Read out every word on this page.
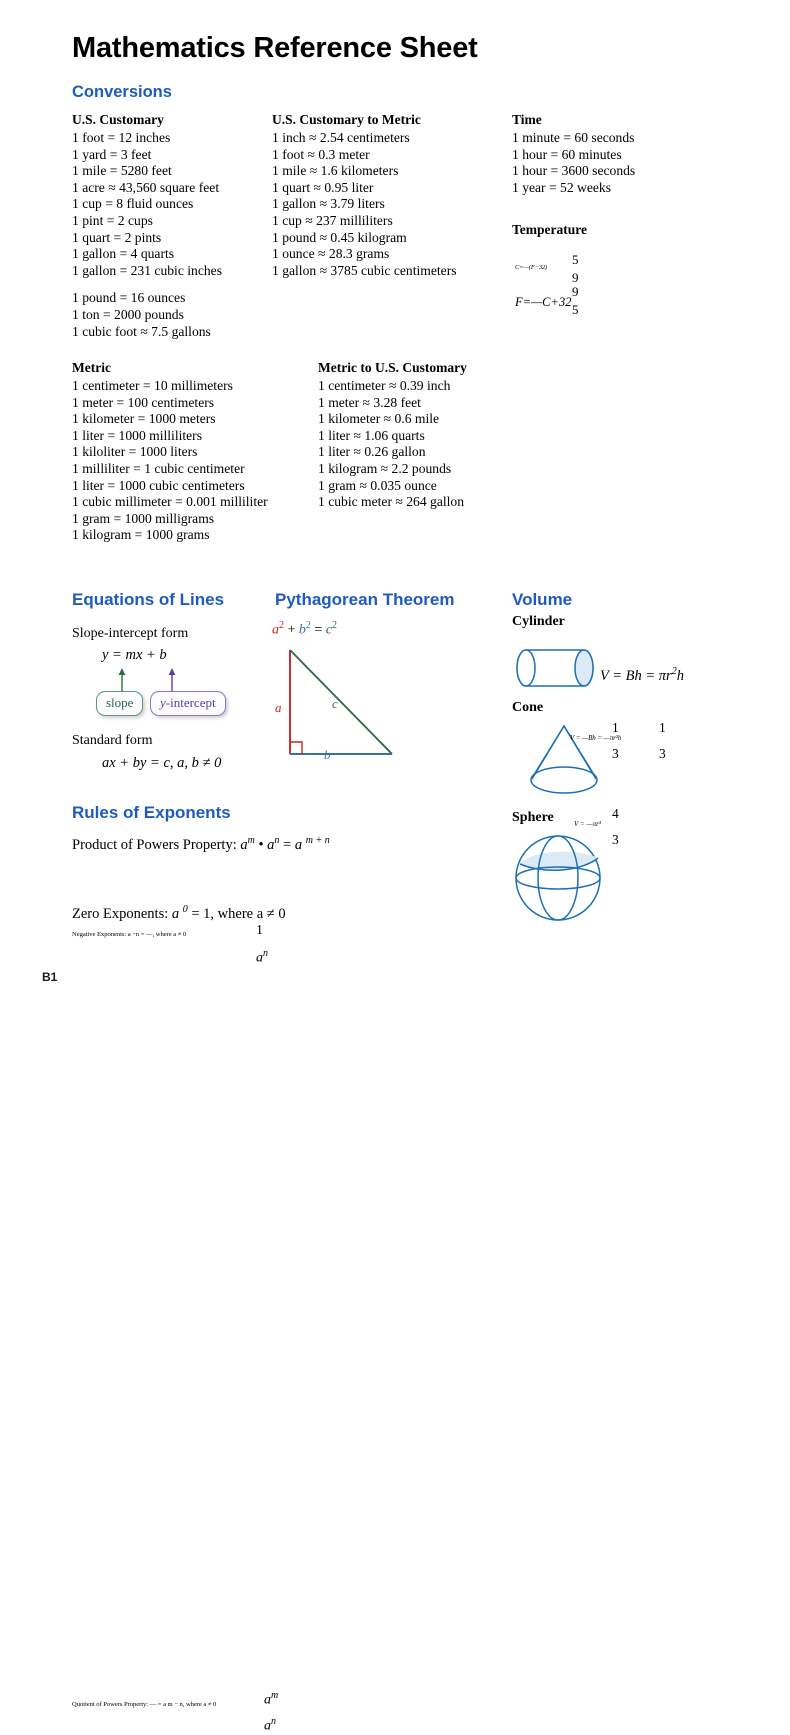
Mathematics Reference Sheet
Conversions
U.S. Customary
1 foot = 12 inches
1 yard = 3 feet
1 mile = 5280 feet
1 acre ≈ 43,560 square feet
1 cup = 8 fluid ounces
1 pint = 2 cups
1 quart = 2 pints
1 gallon = 4 quarts
1 gallon = 231 cubic inches
1 pound = 16 ounces
1 ton = 2000 pounds
1 cubic foot ≈ 7.5 gallons
U.S. Customary to Metric
1 inch ≈ 2.54 centimeters
1 foot ≈ 0.3 meter
1 mile ≈ 1.6 kilometers
1 quart ≈ 0.95 liter
1 gallon ≈ 3.79 liters
1 cup ≈ 237 milliliters
1 pound ≈ 0.45 kilogram
1 ounce ≈ 28.3 grams
1 gallon ≈ 3785 cubic centimeters
Time
1 minute = 60 seconds
1 hour = 60 minutes
1 hour = 3600 seconds
1 year = 52 weeks
Temperature
5
C=—(F−32)
9
9
F=—C+32 5
Metric
1 centimeter = 10 millimeters
1 meter = 100 centimeters
1 kilometer = 1000 meters
1 liter = 1000 milliliters
1 kiloliter = 1000 liters
1 milliliter = 1 cubic centimeter
1 liter = 1000 cubic centimeters
1 cubic millimeter = 0.001 milliliter
1 gram = 1000 milligrams
1 kilogram = 1000 grams
Metric to U.S. Customary
1 centimeter ≈ 0.39 inch
1 meter ≈ 3.28 feet
1 kilometer ≈ 0.6 mile
1 liter ≈ 1.06 quarts
1 liter ≈ 0.26 gallon
1 kilogram ≈ 2.2 pounds
1 gram ≈ 0.035 ounce
1 cubic meter ≈ 264 gallon
Equations of Lines
Slope-intercept form
y = mx + b
slope	y-intercept
Standard form
ax + by = c, a, b ≠ 0
Pythagorean Theorem
$a^2 + b^2 = c^2$
a
b
c
Volume
Cylinder
$V = Bh = \pi r^2h$
Cone
1
3
1
3
V = —Bh = —πr²h
Sphere	4
3
V = —πr³
Rules of Exponents
Product of Powers Property: $a^m$ • $a^n = a$ $^{m + n}$
$a^m$
Quotient of Powers Property: — = a m − n, where a ≠ 0
$a^n$
Zero Exponents: a $^0$ = 1, where a ≠ 0
1
Negative Exponents: a −n = —, where a ≠ 0
$a^n$
B1
